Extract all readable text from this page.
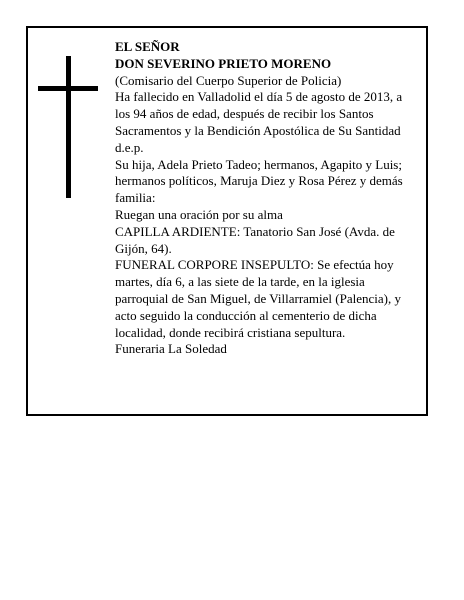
EL SEÑOR

DON SEVERINO PRIETO MORENO

(Comisario del Cuerpo Superior de Policia)

Ha fallecido en Valladolid el día 5 de agosto de 2013, a los 94 años de edad, después de recibir los Santos Sacramentos y la Bendición Apostólica de Su Santidad d.e.p.

Su hija, Adela Prieto Tadeo; hermanos, Agapito y Luis; hermanos políticos, Maruja Diez y Rosa Pérez y demás familia:

Ruegan una oración por su alma

CAPILLA ARDIENTE: Tanatorio San José (Avda. de Gijón, 64).

FUNERAL CORPORE INSEPULTO: Se efectúa hoy martes, día 6, a las siete de la tarde, en la iglesia parroquial de San Miguel, de Villarramiel (Palencia), y acto seguido la conducción al cementerio de dicha localidad, donde recibirá cristiana sepultura.

Funeraria La Soledad
